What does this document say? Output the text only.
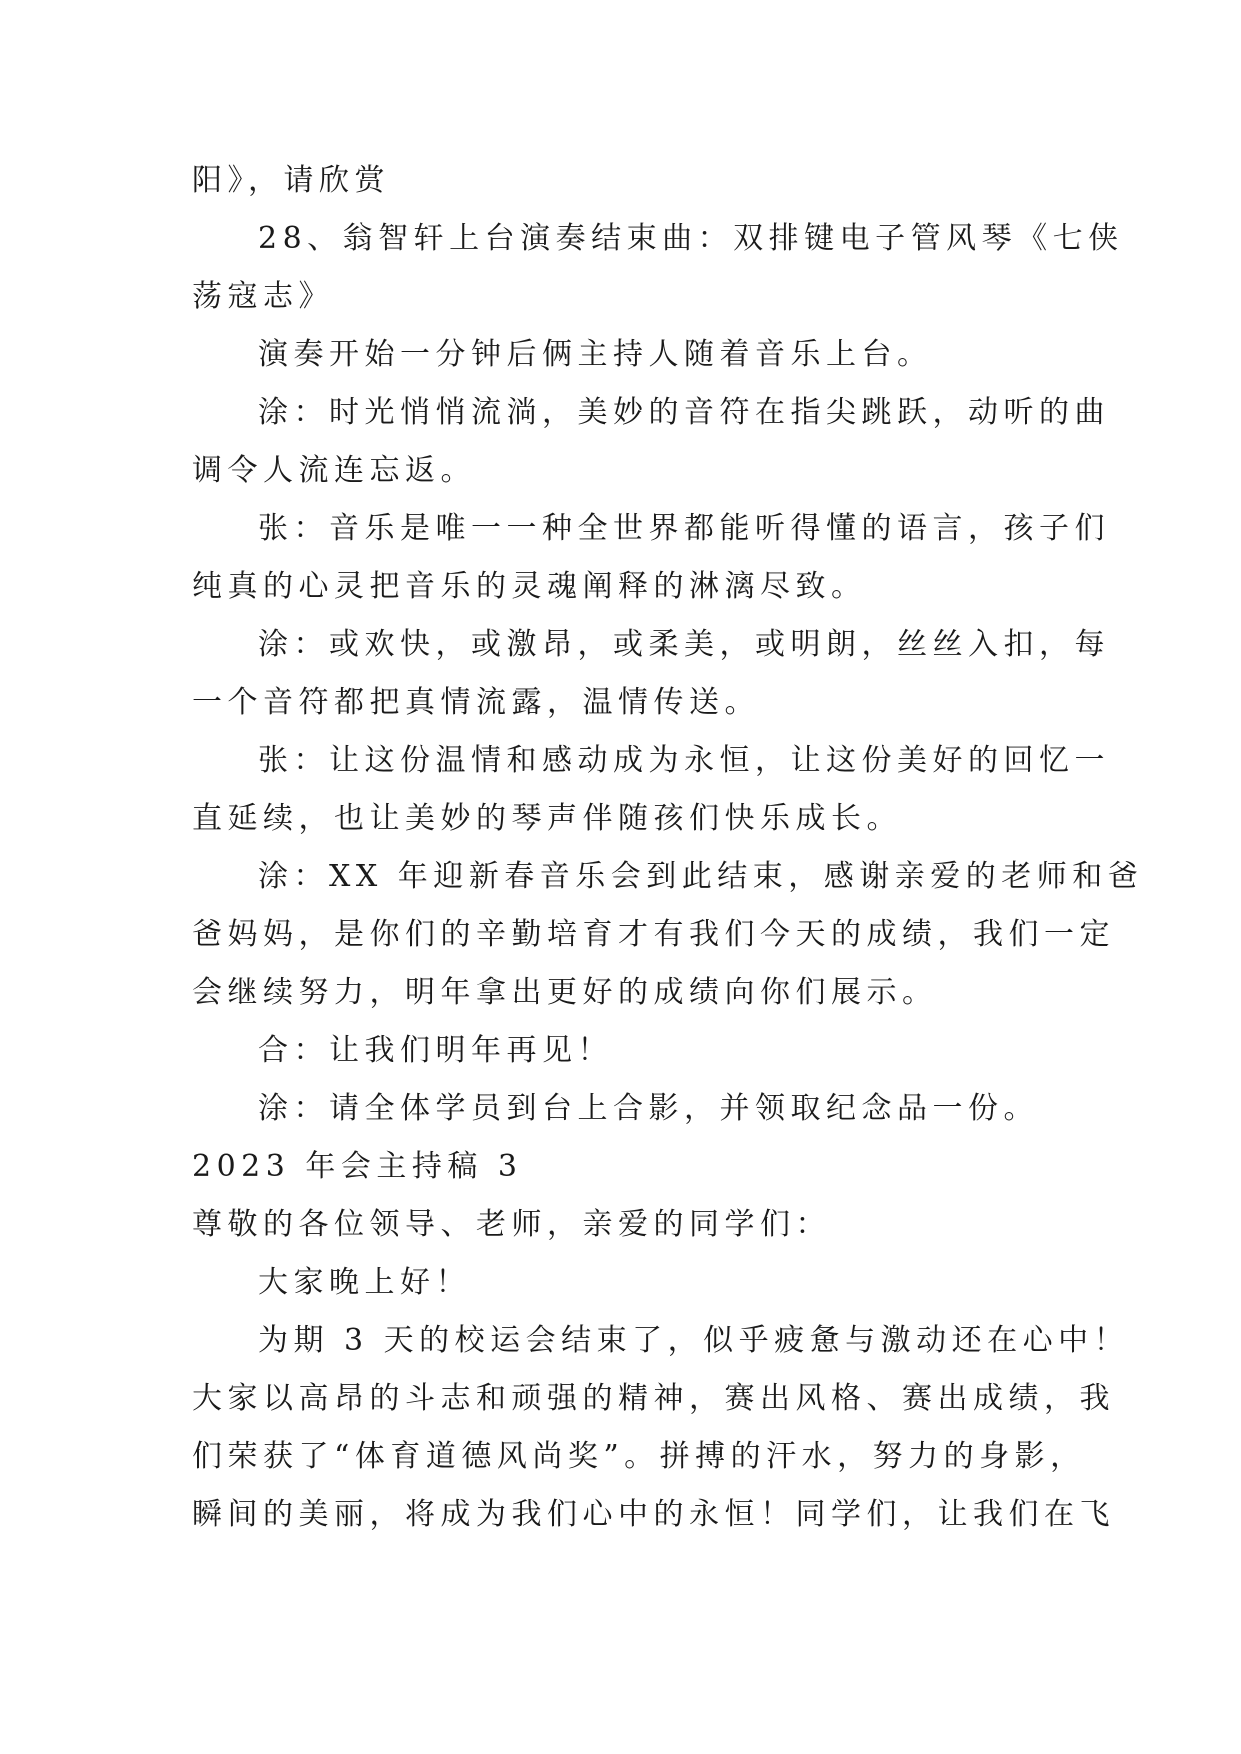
阳》，请欣赏
28、翁智轩上台演奏结束曲：双排键电子管风琴《七侠
荡寇志》
演奏开始一分钟后俩主持人随着音乐上台。
涂：时光悄悄流淌，美妙的音符在指尖跳跃，动听的曲
调令人流连忘返。
张：音乐是唯一一种全世界都能听得懂的语言，孩子们
纯真的心灵把音乐的灵魂阐释的淋漓尽致。
涂：或欢快，或激昂，或柔美，或明朗，丝丝入扣，每
一个音符都把真情流露，温情传送。
张：让这份温情和感动成为永恒，让这份美好的回忆一
直延续，也让美妙的琴声伴随孩们快乐成长。
涂：XX 年迎新春音乐会到此结束，感谢亲爱的老师和爸
爸妈妈，是你们的辛勤培育才有我们今天的成绩，我们一定
会继续努力，明年拿出更好的成绩向你们展示。
合：让我们明年再见！
涂：请全体学员到台上合影，并领取纪念品一份。
2023 年会主持稿 3
尊敬的各位领导、老师，亲爱的同学们：
大家晚上好！
为期 3 天的校运会结束了，似乎疲惫与激动还在心中！
大家以高昂的斗志和顽强的精神，赛出风格、赛出成绩，我
们荣获了“体育道德风尚奖”。拼搏的汗水，努力的身影，
瞬间的美丽，将成为我们心中的永恒！同学们，让我们在飞
